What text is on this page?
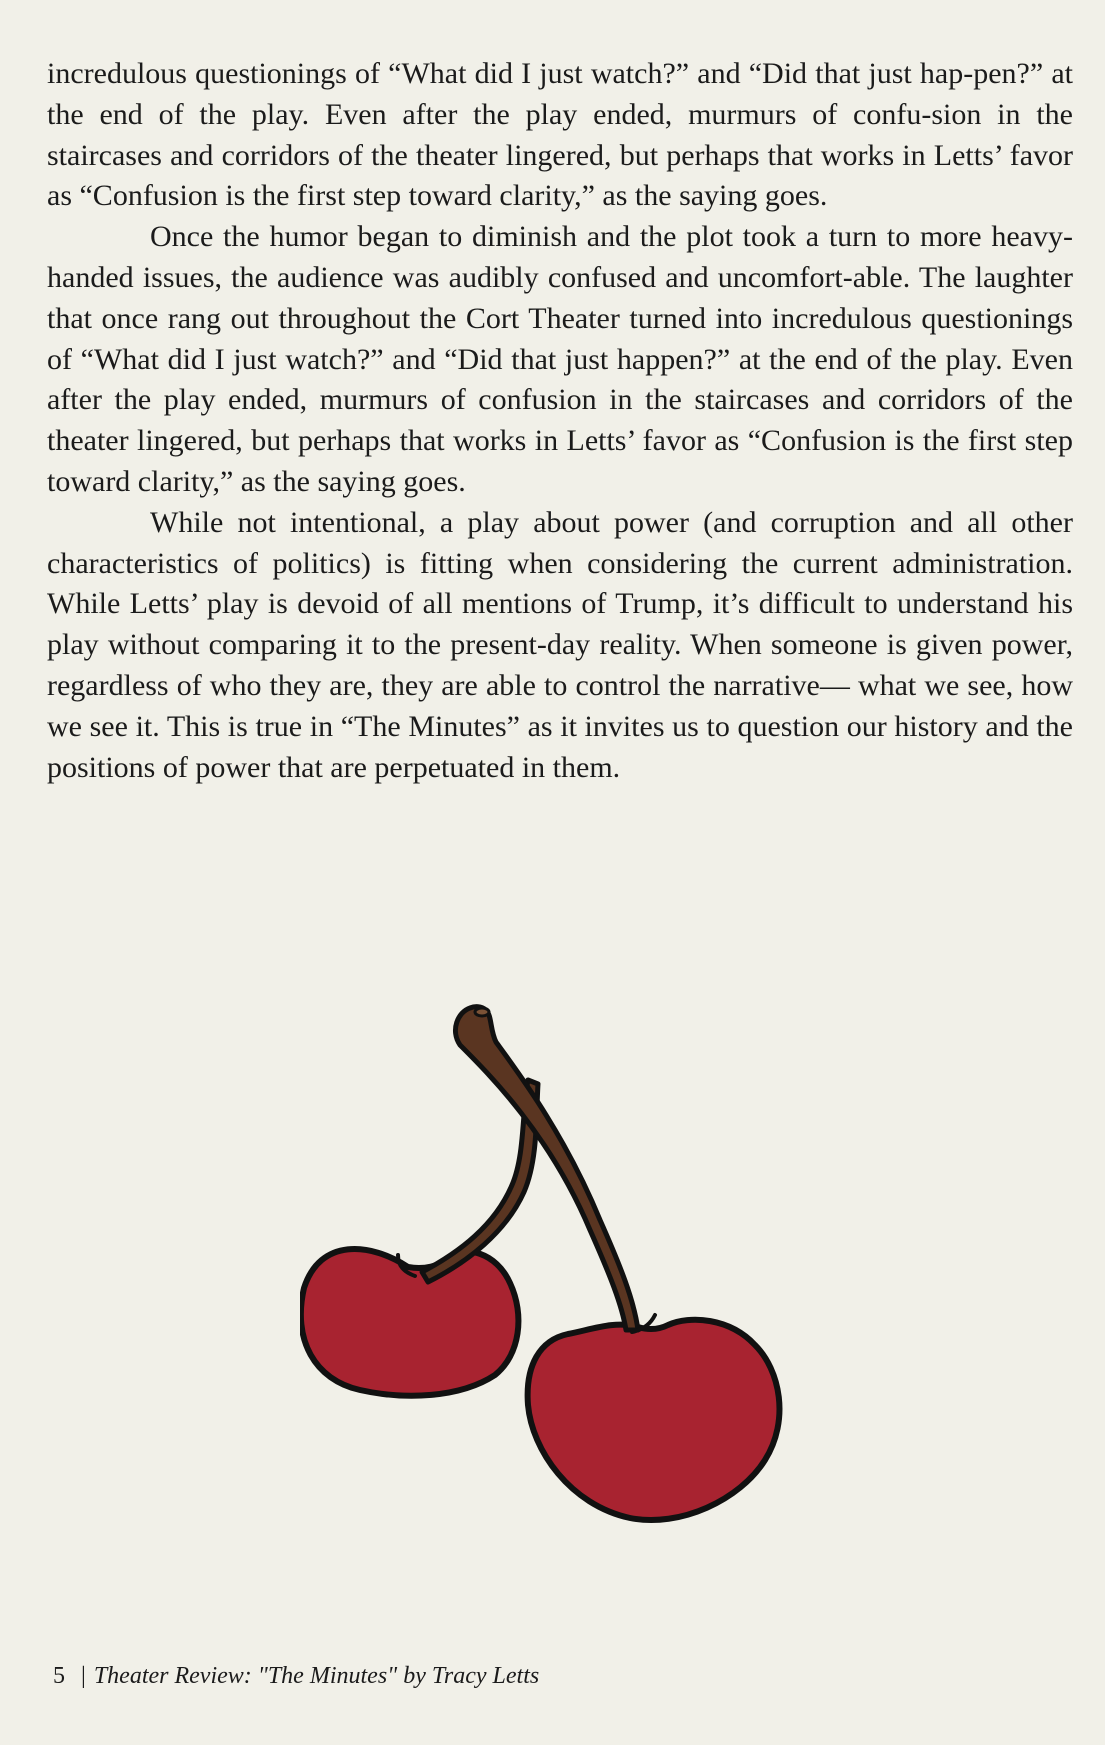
incredulous questionings of “What did I just watch?” and “Did that just hap-pen?” at the end of the play. Even after the play ended, murmurs of confu-sion in the staircases and corridors of the theater lingered, but perhaps that works in Letts’ favor as “Confusion is the first step toward clarity,” as the saying goes.

Once the humor began to diminish and the plot took a turn to more heavy-handed issues, the audience was audibly confused and uncomfort-able. The laughter that once rang out throughout the Cort Theater turned into incredulous questionings of “What did I just watch?” and “Did that just happen?” at the end of the play. Even after the play ended, murmurs of confusion in the staircases and corridors of the theater lingered, but perhaps that works in Letts’ favor as “Confusion is the first step toward clarity,” as the saying goes.

While not intentional, a play about power (and corruption and all other characteristics of politics) is fitting when considering the current administration. While Letts’ play is devoid of all mentions of Trump, it’s difficult to understand his play without comparing it to the present-day reality. When someone is given power, regardless of who they are, they are able to control the narrative— what we see, how we see it. This is true in “The Minutes” as it invites us to question our history and the positions of power that are perpetuated in them.

5 | Theater Review: "The Minutes" by Tracy Letts
